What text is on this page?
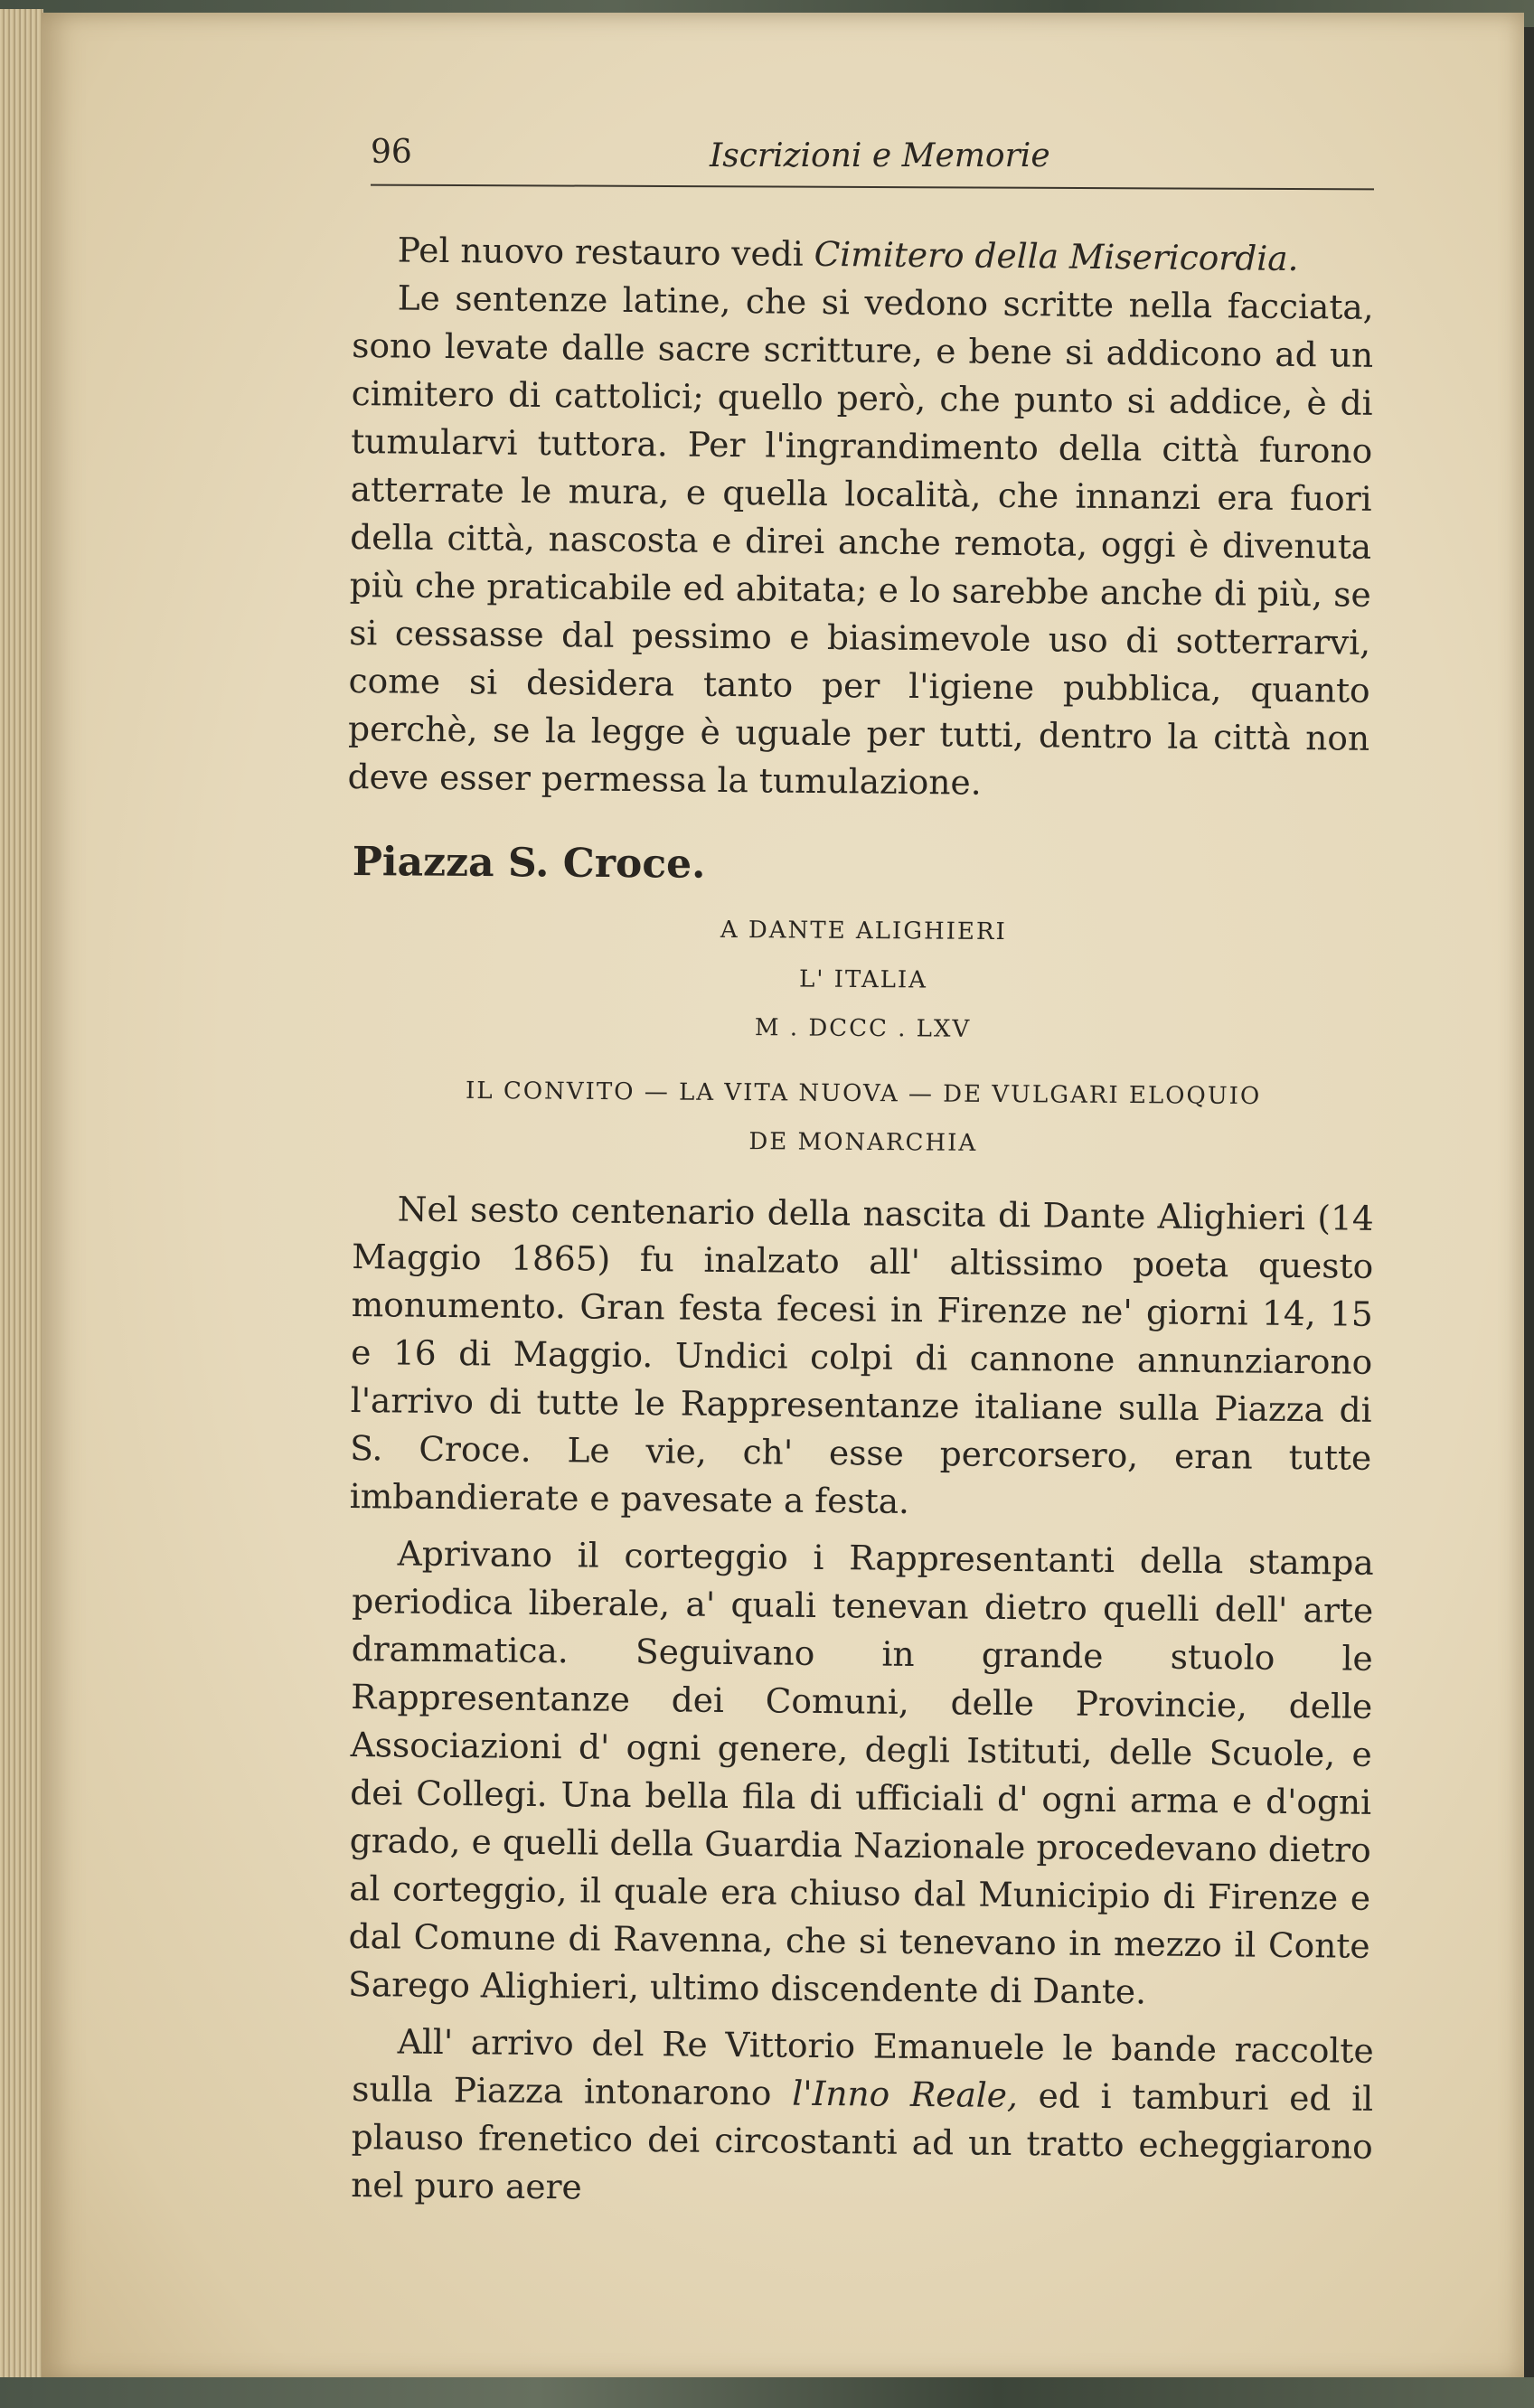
96	Iscrizioni e Memorie

Pel nuovo restauro vedi Cimitero della Misericordia.

Le sentenze latine, che si vedono scritte nella facciata, sono levate dalle sacre scritture, e bene si addicono ad un cimitero di cattolici; quello però, che punto si addice, è di tumularvi tuttora. Per l'ingrandimento della città furono atterrate le mura, e quella località, che innanzi era fuori della città, nascosta e direi anche remota, oggi è divenuta più che praticabile ed abitata; e lo sarebbe anche di più, se si cessasse dal pessimo e biasimevole uso di sotterrarvi, come si desidera tanto per l'igiene pubblica, quanto perchè, se la legge è uguale per tutti, dentro la città non deve esser permessa la tumulazione.

Piazza S. Croce.
A DANTE ALIGHIERI
L' ITALIA
M . DCCC . LXV
IL CONVITO — LA VITA NUOVA — DE VULGARI ELOQUIO
DE MONARCHIA

Nel sesto centenario della nascita di Dante Alighieri (14 Maggio 1865) fu inalzato all' altissimo poeta questo monumento. Gran festa fecesi in Firenze ne' giorni 14, 15 e 16 di Maggio. Undici colpi di cannone annunziarono l'arrivo di tutte le Rappresentanze italiane sulla Piazza di S. Croce. Le vie, ch' esse percorsero, eran tutte imbandierate e pavesate a festa.

Aprivano il corteggio i Rappresentanti della stampa periodica liberale, a' quali tenevan dietro quelli dell' arte drammatica. Seguivano in grande stuolo le Rappresentanze dei Comuni, delle Provincie, delle Associazioni d' ogni genere, degli Istituti, delle Scuole, e dei Collegi. Una bella fila di ufficiali d' ogni arma e d'ogni grado, e quelli della Guardia Nazionale procedevano dietro al corteggio, il quale era chiuso dal Municipio di Firenze e dal Comune di Ravenna, che si tenevano in mezzo il Conte Sarego Alighieri, ultimo discendente di Dante.

All' arrivo del Re Vittorio Emanuele le bande raccolte sulla Piazza intonarono l'Inno Reale, ed i tamburi ed il plauso frenetico dei circostanti ad un tratto echeggiarono nel puro aere
